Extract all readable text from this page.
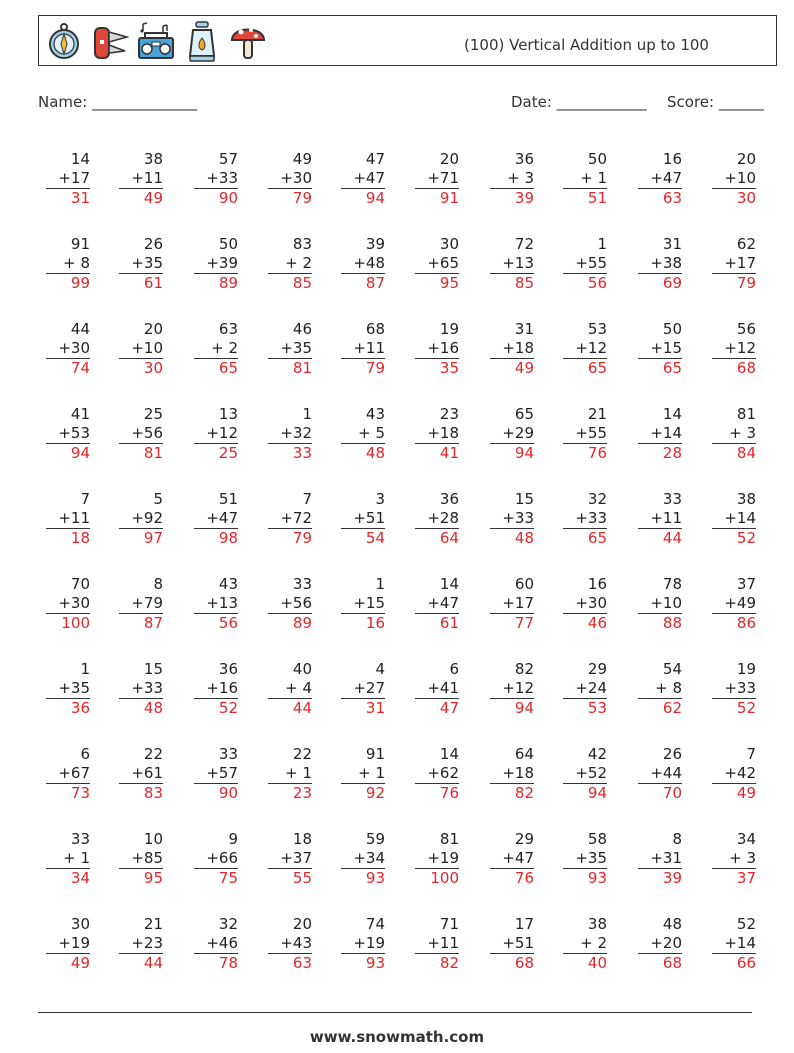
(100) Vertical Addition up to 100
Name: ______________	Date: ____________ Score: ______
14
+17
31
38
+11
49
57
+33
90
49
+30
79
47
+47
94
20
+71
91
36
+ 3
39
50
+ 1
51
16
+47
63
20
+10
30
91
+ 8
99
26
+35
61
50
+39
89
83
+ 2
85
39
+48
87
30
+65
95
72
+13
85
1
+55
56
31
+38
69
62
+17
79
44
+30
74
20
+10
30
63
+ 2
65
46
+35
81
68
+11
79
19
+16
35
31
+18
49
53
+12
65
50
+15
65
56
+12
68
41
+53
94
25
+56
81
13
+12
25
1
+32
33
43
+ 5
48
23
+18
41
65
+29
94
21
+55
76
14
+14
28
81
+ 3
84
7
+11
18
5
+92
97
51
+47
98
7
+72
79
3
+51
54
36
+28
64
15
+33
48
32
+33
65
33
+11
44
38
+14
52
70
+30
100
8
+79
87
43
+13
56
33
+56
89
1
+15
16
14
+47
61
60
+17
77
16
+30
46
78
+10
88
37
+49
86
1
+35
36
15
+33
48
36
+16
52
40
+ 4
44
4
+27
31
6
+41
47
82
+12
94
29
+24
53
54
+ 8
62
19
+33
52
6
+67
73
22
+61
83
33
+57
90
22
+ 1
23
91
+ 1
92
14
+62
76
64
+18
82
42
+52
94
26
+44
70
7
+42
49
33
+ 1
34
10
+85
95
9
+66
75
18
+37
55
59
+34
93
81
+19
100
29
+47
76
58
+35
93
8
+31
39
34
+ 3
37
30
+19
49
21
+23
44
32
+46
78
20
+43
63
74
+19
93
71
+11
82
17
+51
68
38
+ 2
40
48
+20
68
52
+14
66
www.snowmath.com
